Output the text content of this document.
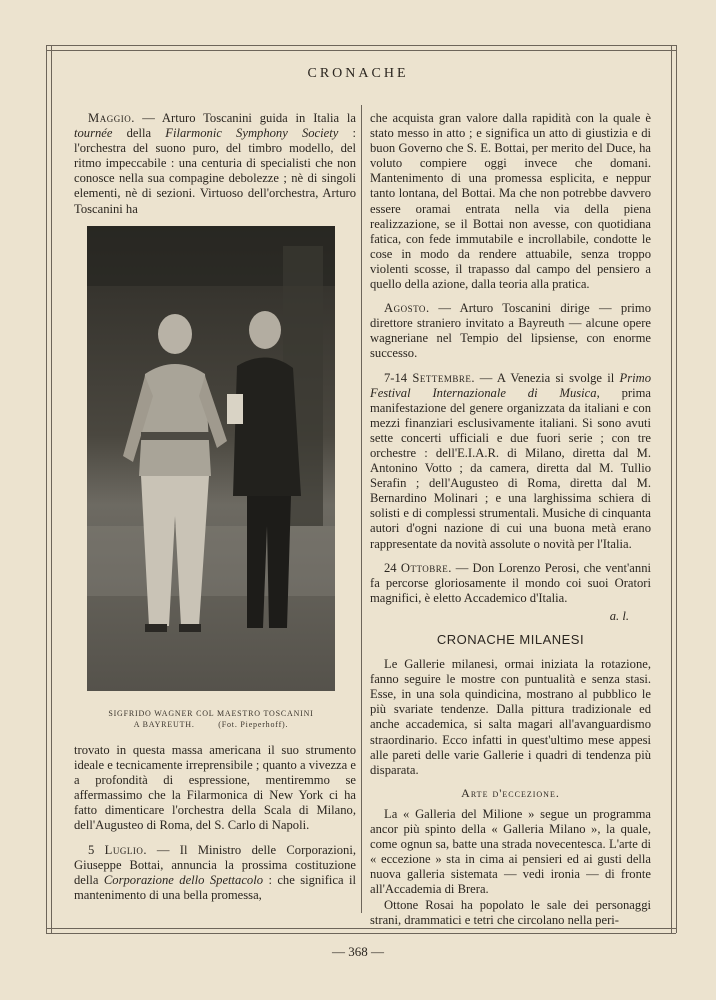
CRONACHE

Maggio. — Arturo Toscanini guida in Italia la tournée della Filarmonic Symphony Society : l'orchestra del suono puro, del timbro modello, del ritmo impeccabile : una centuria di specialisti che non conosce nella sua compagine debolezze ; nè di singoli elementi, nè di sezioni. Virtuoso dell'orchestra, Arturo Toscanini ha

SIGFRIDO WAGNER COL MAESTRO TOSCANINI
A BAYREUTH.	(Fot. Pieperhoff).

trovato in questa massa americana il suo strumento ideale e tecnicamente irreprensibile ; quanto a vivezza e a profondità di espressione, mentiremmo se affermassimo che la Filarmonica di New York ci ha fatto dimenticare l'orchestra della Scala di Milano, dell'Augusteo di Roma, del S. Carlo di Napoli.

5 Luglio. — Il Ministro delle Corporazioni, Giuseppe Bottai, annuncia la prossima costituzione della Corporazione dello Spettacolo : che significa il mantenimento di una bella promessa,

che acquista gran valore dalla rapidità con la quale è stato messo in atto ; e significa un atto di giustizia e di buon Governo che S. E. Bottai, per merito del Duce, ha voluto compiere oggi invece che domani. Mantenimento di una promessa esplicita, e neppur tanto lontana, del Bottai. Ma che non potrebbe davvero essere oramai entrata nella via della piena realizzazione, se il Bottai non avesse, con quotidiana fatica, con fede immutabile e incrollabile, condotte le cose in modo da rendere attuabile, senza troppo violenti scosse, il trapasso dal campo del pensiero a quello della azione, dalla teoria alla pratica.

Agosto. — Arturo Toscanini dirige — primo direttore straniero invitato a Bayreuth — alcune opere wagneriane nel Tempio del lipsiense, con enorme successo.

7-14 Settembre. — A Venezia si svolge il Primo Festival Internazionale di Musica, prima manifestazione del genere organizzata da italiani e con mezzi finanziari esclusivamente italiani. Si sono avuti sette concerti ufficiali e due fuori serie ; con tre orchestre : dell'E.I.A.R. di Milano, diretta dal M. Antonino Votto ; da camera, diretta dal M. Tullio Serafin ; dell'Augusteo di Roma, diretta dal M. Bernardino Molinari ; e una larghissima schiera di solisti e di complessi strumentali. Musiche di cinquanta autori d'ogni nazione di cui una buona metà erano rappresentate da novità assolute o novità per l'Italia.

24 Ottobre. — Don Lorenzo Perosi, che vent'anni fa percorse gloriosamente il mondo coi suoi Oratori magnifici, è eletto Accademico d'Italia.

a. l.
CRONACHE MILANESI

Le Gallerie milanesi, ormai iniziata la rotazione, fanno seguire le mostre con puntualità e senza stasi. Esse, in una sola quindicina, mostrano al pubblico le più svariate tendenze. Dalla pittura tradizionale ed anche accademica, si salta magari all'avanguardismo straordinario. Ecco infatti in quest'ultimo mese appesi alle pareti delle varie Gallerie i quadri di tendenza più disparata.

Arte d'eccezione.

La « Galleria del Milione » segue un programma ancor più spinto della « Galleria Milano », la quale, come ognun sa, batte una strada novecentesca. L'arte di « eccezione » sta in cima ai pensieri ed ai gusti della nuova galleria sistemata — vedi ironia — di fronte all'Accademia di Brera.

Ottone Rosai ha popolato le sale dei personaggi strani, drammatici e tetri che circolano nella peri-

— 368 —
